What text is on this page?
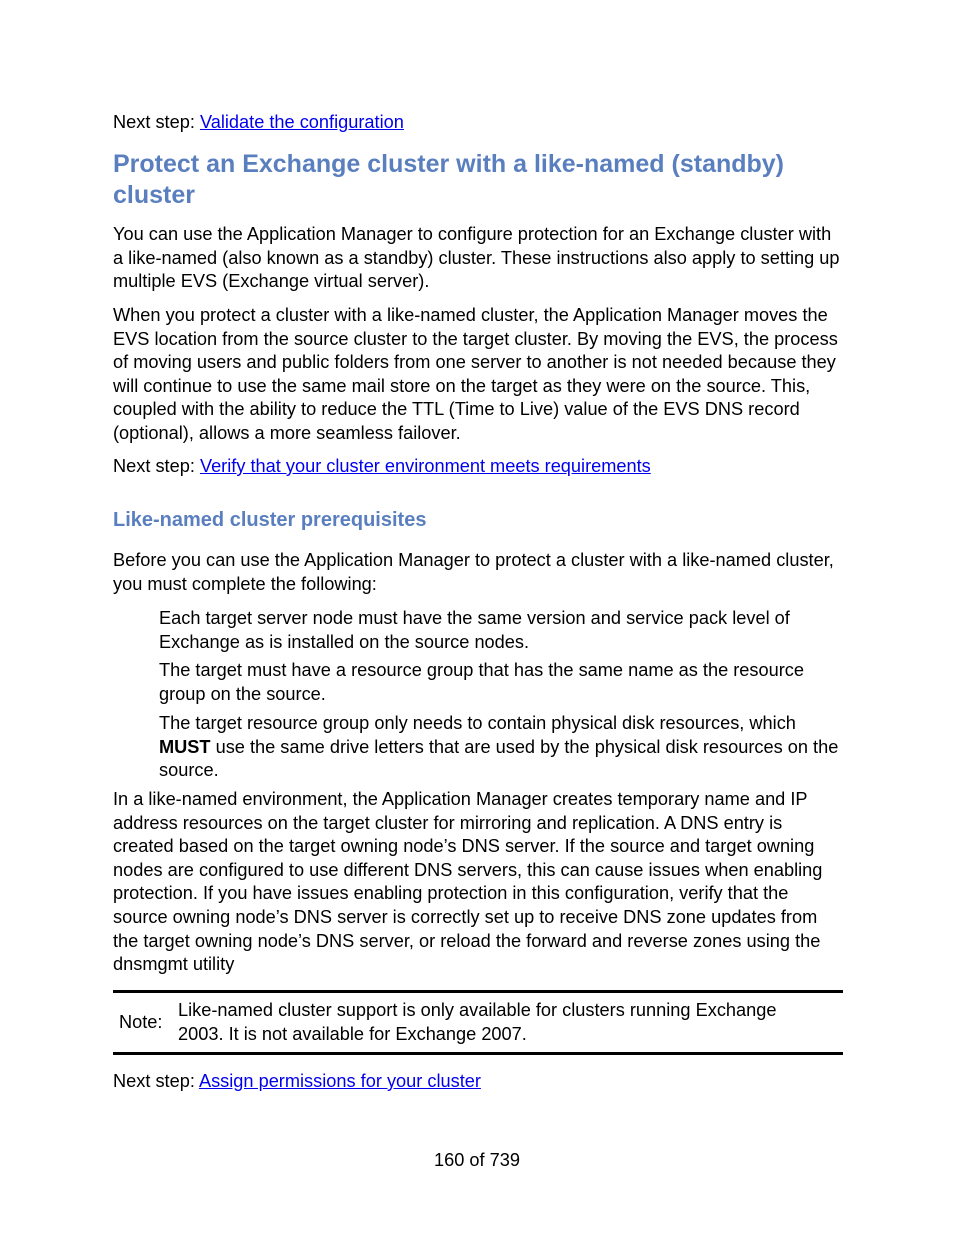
Next step: Validate the configuration
Protect an Exchange cluster with a like-named (standby) cluster

You can use the Application Manager to configure protection for an Exchange cluster with a like-named (also known as a standby) cluster. These instructions also apply to setting up multiple EVS (Exchange virtual server).

When you protect a cluster with a like-named cluster, the Application Manager moves the EVS location from the source cluster to the target cluster. By moving the EVS, the process of moving users and public folders from one server to another is not needed because they will continue to use the same mail store on the target as they were on the source. This, coupled with the ability to reduce the TTL (Time to Live) value of the EVS DNS record (optional), allows a more seamless failover.

Next step: Verify that your cluster environment meets requirements
Like-named cluster prerequisites

Before you can use the Application Manager to protect a cluster with a like-named cluster, you must complete the following:

Each target server node must have the same version and service pack level of Exchange as is installed on the source nodes.

The target must have a resource group that has the same name as the resource group on the source.

The target resource group only needs to contain physical disk resources, which MUST use the same drive letters that are used by the physical disk resources on the source.

In a like-named environment, the Application Manager creates temporary name and IP address resources on the target cluster for mirroring and replication. A DNS entry is created based on the target owning node’s DNS server. If the source and target owning nodes are configured to use different DNS servers, this can cause issues when enabling protection. If you have issues enabling protection in this configuration, verify that the source owning node’s DNS server is correctly set up to receive DNS zone updates from the target owning node’s DNS server, or reload the forward and reverse zones using the dnsmgmt utility

Note:
Like-named cluster support is only available for clusters running Exchange 2003. It is not available for Exchange 2007.
Next step: Assign permissions for your cluster
160 of 739
